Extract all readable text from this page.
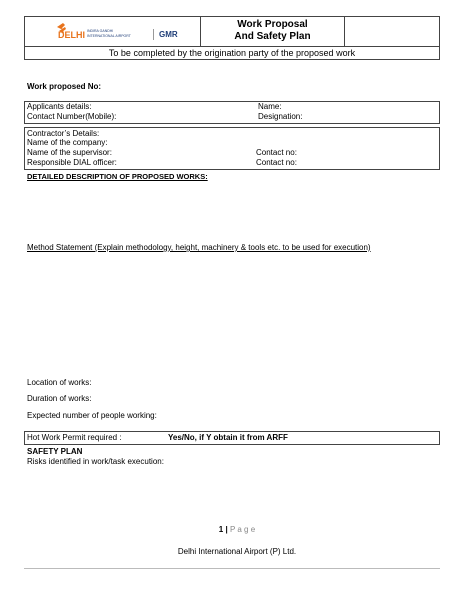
DELHI INDIRA GANDHI
INTERNATIONAL AIRPORT	GMR
Work Proposal
And Safety Plan
To be completed by the origination party of the proposed work
Work proposed No:
Applicants details:	Name:
Contact Number(Mobile):	Designation:
Contractor’s Details:
Name of the company:
Name of the supervisor:	Contact no:
Responsible DIAL officer:	Contact no:
DETAILED DESCRIPTION OF PROPOSED WORKS:
Method Statement (Explain methodology, height, machinery & tools etc. to be used for execution)
Location of works:
Duration of works:
Expected number of people working:
Hot Work Permit required :	Yes/No, if Y obtain it from ARFF
SAFETY PLAN
Risks identified in work/task execution:
1 | P a g e
Delhi International Airport (P) Ltd.
